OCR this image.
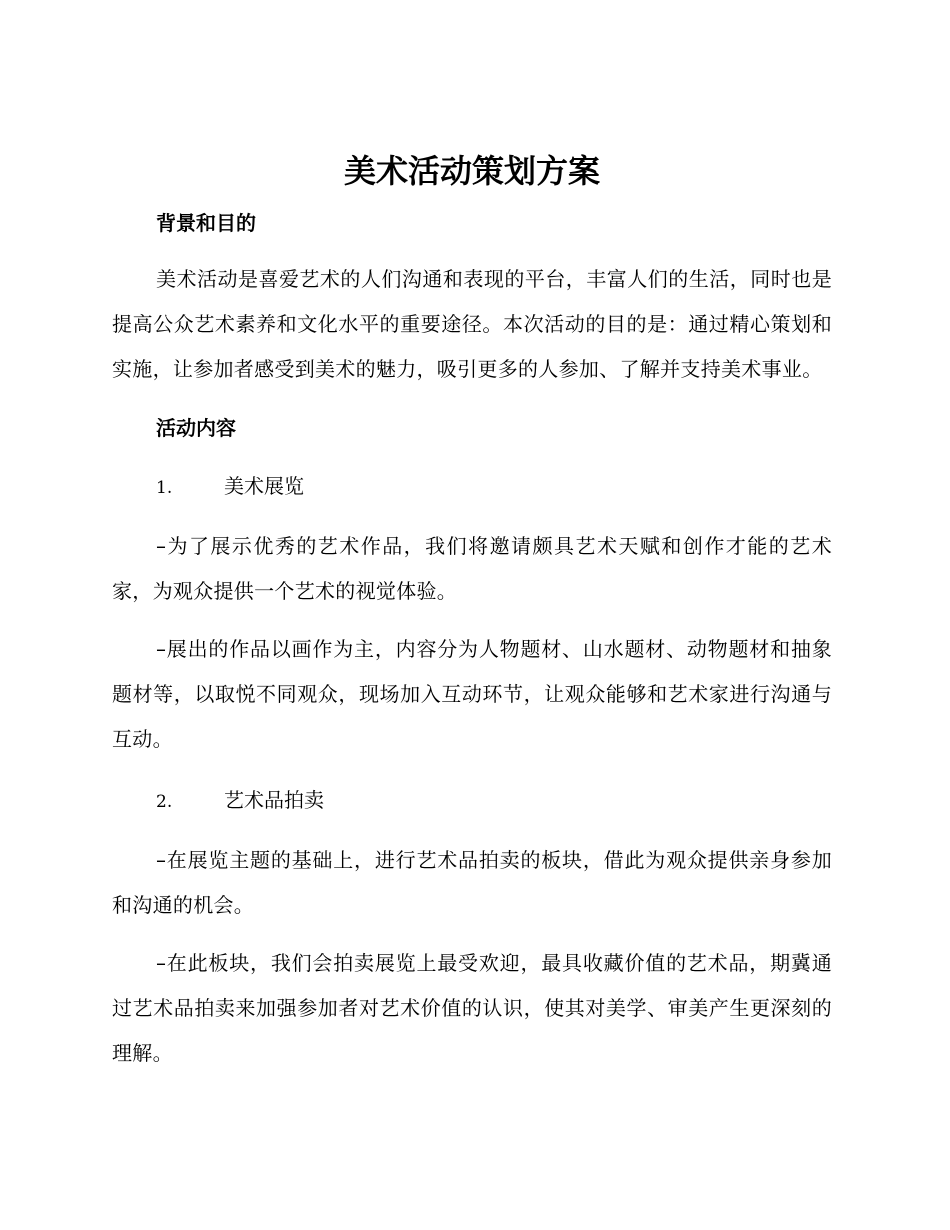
美术活动策划方案
背景和目的

美术活动是喜爱艺术的人们沟通和表现的平台，丰富人们的生活，同时也是提高公众艺术素养和文化水平的重要途径。本次活动的目的是：通过精心策划和实施，让参加者感受到美术的魅力，吸引更多的人参加、了解并支持美术事业。

活动内容
1.	美术展览

–为了展示优秀的艺术作品，我们将邀请颇具艺术天赋和创作才能的艺术家，为观众提供一个艺术的视觉体验。

–展出的作品以画作为主，内容分为人物题材、山水题材、动物题材和抽象题材等，以取悦不同观众，现场加入互动环节，让观众能够和艺术家进行沟通与互动。

2.	艺术品拍卖

–在展览主题的基础上，进行艺术品拍卖的板块，借此为观众提供亲身参加和沟通的机会。

–在此板块，我们会拍卖展览上最受欢迎，最具收藏价值的艺术品，期冀通过艺术品拍卖来加强参加者对艺术价值的认识，使其对美学、审美产生更深刻的理解。
